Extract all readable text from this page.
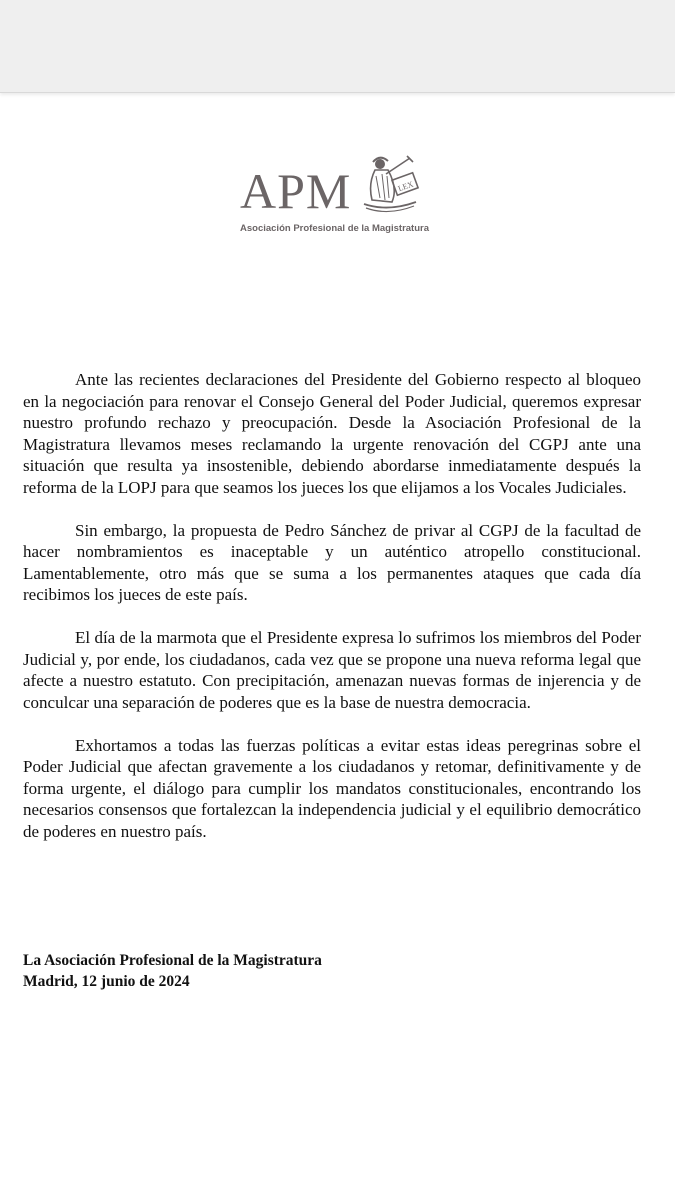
APM	LEX
Asociación Profesional de la Magistratura

Ante las recientes declaraciones del Presidente del Gobierno respecto al bloqueo en la negociación para renovar el Consejo General del Poder Judicial, queremos expresar nuestro profundo rechazo y preocupación. Desde la Asociación Profesional de la Magistratura llevamos meses reclamando la urgente renovación del CGPJ ante una situación que resulta ya insostenible, debiendo abordarse inmediatamente después la reforma de la LOPJ para que seamos los jueces los que elijamos a los Vocales Judiciales.

Sin embargo, la propuesta de Pedro Sánchez de privar al CGPJ de la facultad de hacer nombramientos es inaceptable y un auténtico atropello constitucional. Lamentablemente, otro más que se suma a los permanentes ataques que cada día recibimos los jueces de este país.

El día de la marmota que el Presidente expresa lo sufrimos los miembros del Poder Judicial y, por ende, los ciudadanos, cada vez que se propone una nueva reforma legal que afecte a nuestro estatuto. Con precipitación, amenazan nuevas formas de injerencia y de conculcar una separación de poderes que es la base de nuestra democracia.

Exhortamos a todas las fuerzas políticas a evitar estas ideas peregrinas sobre el Poder Judicial que afectan gravemente a los ciudadanos y retomar, definitivamente y de forma urgente, el diálogo para cumplir los mandatos constitucionales, encontrando los necesarios consensos que fortalezcan la independencia judicial y el equilibrio democrático de poderes en nuestro país.

La Asociación Profesional de la Magistratura
Madrid, 12 junio de 2024
